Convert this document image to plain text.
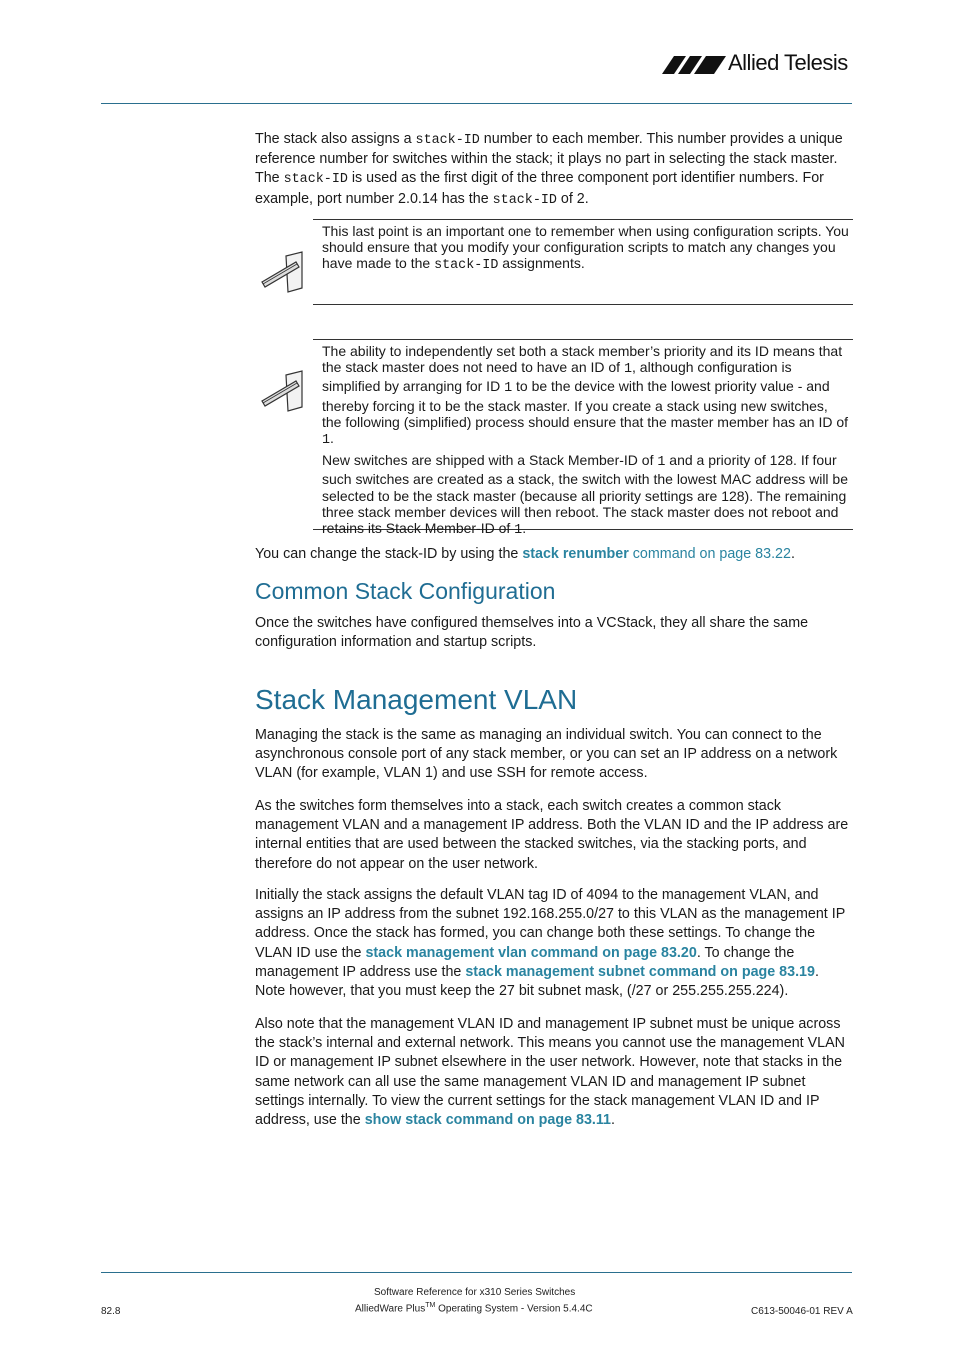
Allied Telesis

The stack also assigns a stack-ID number to each member. This number provides a unique reference number for switches within the stack; it plays no part in selecting the stack master. The stack-ID is used as the first digit of the three component port identifier numbers. For example, port number 2.0.14 has the stack-ID of 2.

This last point is an important one to remember when using configuration scripts. You should ensure that you modify your configuration scripts to match any changes you have made to the stack-ID assignments.

The ability to independently set both a stack member’s priority and its ID means that the stack master does not need to have an ID of 1, although configuration is simplified by arranging for ID 1 to be the device with the lowest priority value - and thereby forcing it to be the stack master. If you create a stack using new switches, the following (simplified) process should ensure that the master member has an ID of 1.

New switches are shipped with a Stack Member-ID of 1 and a priority of 128. If four such switches are created as a stack, the switch with the lowest MAC address will be selected to be the stack master (because all priority settings are 128). The remaining three stack member devices will then reboot. The stack master does not reboot and retains its Stack Member-ID of 1.

You can change the stack-ID by using the stack renumber command on page 83.22.

Common Stack Configuration

Once the switches have configured themselves into a VCStack, they all share the same configuration information and startup scripts.

Stack Management VLAN

Managing the stack is the same as managing an individual switch. You can connect to the asynchronous console port of any stack member, or you can set an IP address on a network VLAN (for example, VLAN 1) and use SSH for remote access.

As the switches form themselves into a stack, each switch creates a common stack management VLAN and a management IP address. Both the VLAN ID and the IP address are internal entities that are used between the stacked switches, via the stacking ports, and therefore do not appear on the user network.

Initially the stack assigns the default VLAN tag ID of 4094 to the management VLAN, and assigns an IP address from the subnet 192.168.255.0/27 to this VLAN as the management IP address. Once the stack has formed, you can change both these settings. To change the VLAN ID use the stack management vlan command on page 83.20. To change the management IP address use the stack management subnet command on page 83.19. Note however, that you must keep the 27 bit subnet mask, (/27 or 255.255.255.224).

Also note that the management VLAN ID and management IP subnet must be unique across the stack’s internal and external network. This means you cannot use the management VLAN ID or management IP subnet elsewhere in the user network. However, note that stacks in the same network can all use the same management VLAN ID and management IP subnet settings internally. To view the current settings for the stack management VLAN ID and IP address, use the show stack command on page 83.11.

Software Reference for x310 Series Switches
82.8	AlliedWare Plus™ Operating System - Version 5.4.4C	C613-50046-01 REV A
